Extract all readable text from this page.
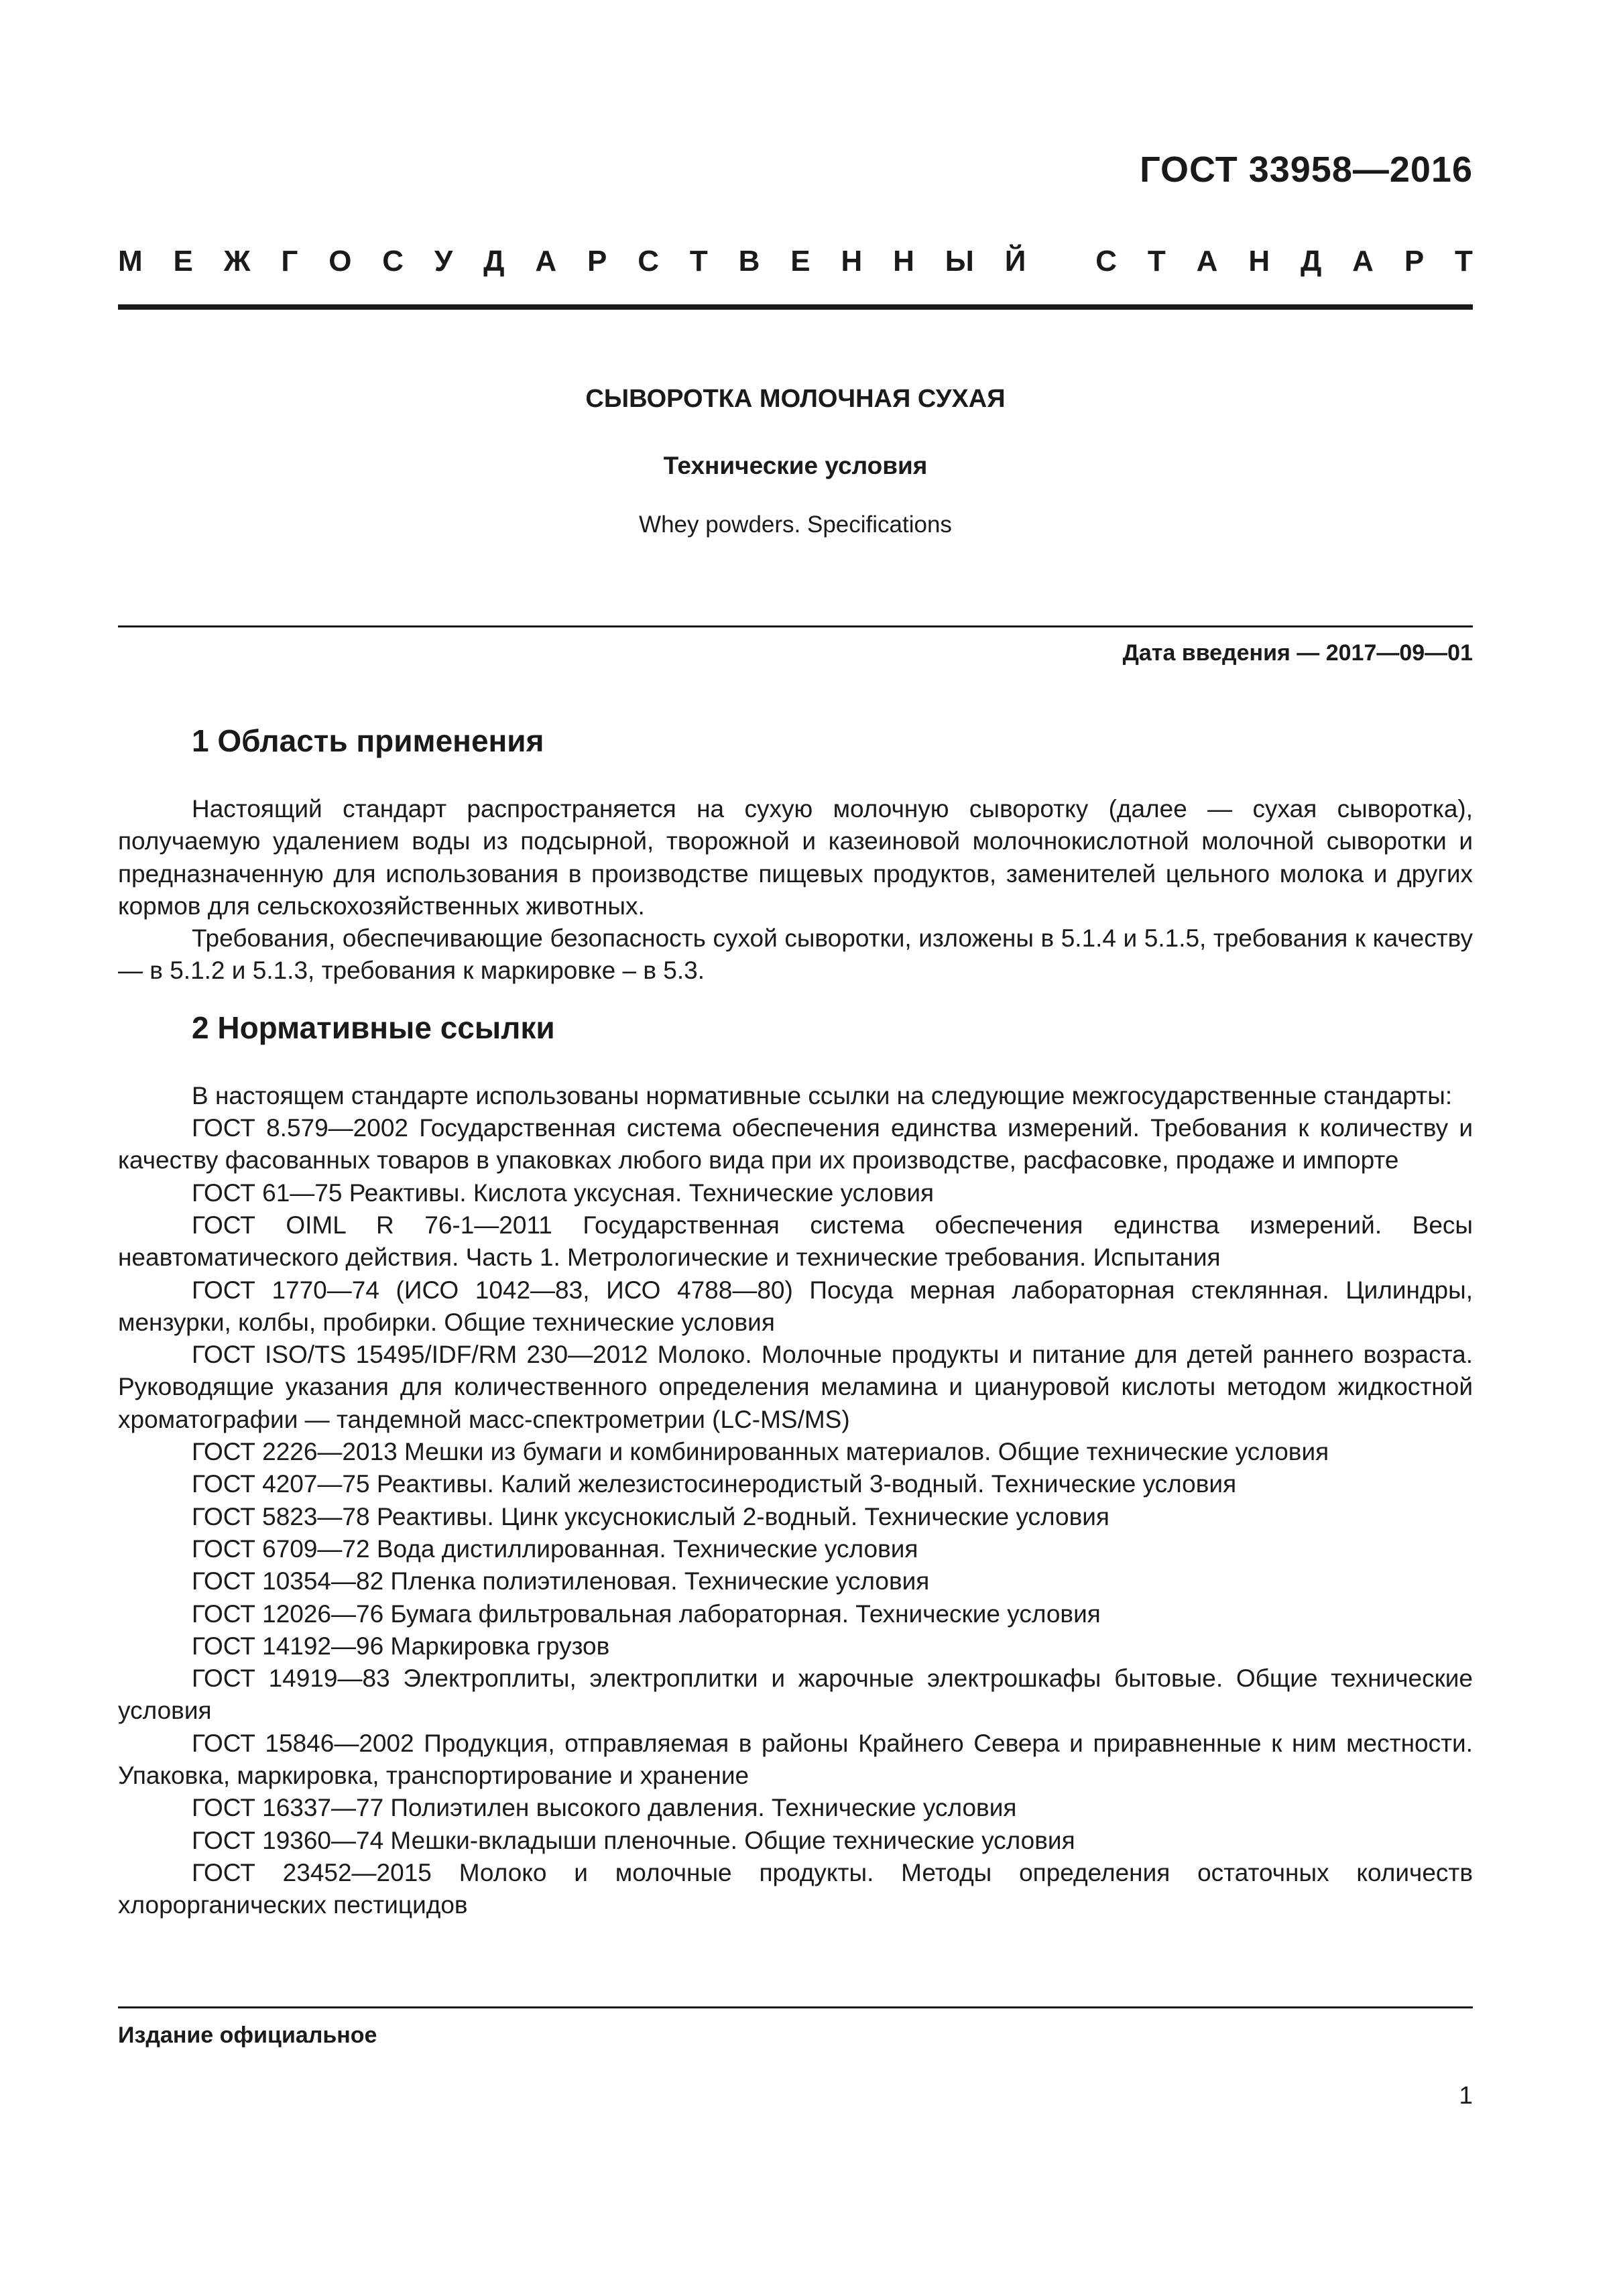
ГОСТ 33958—2016
М Е Ж Г О С У Д А Р С Т В Е Н Н Ы Й
С Т А Н Д А Р Т
СЫВОРОТКА МОЛОЧНАЯ СУХАЯ
Технические условия
Whey powders. Specifications
Дата введения — 2017—09—01
1 Область применения

Настоящий стандарт распространяется на сухую молочную сыворотку (далее — сухая сыворотка), получаемую удалением воды из подсырной, творожной и казеиновой молочнокислотной молочной сыворотки и предназначенную для использования в производстве пищевых продуктов, заменителей цельного молока и других кормов для сельскохозяйственных животных.

Требования, обеспечивающие безопасность сухой сыворотки, изложены в 5.1.4 и 5.1.5, требования к качеству — в 5.1.2 и 5.1.3, требования к маркировке – в 5.3.

2 Нормативные ссылки

В настоящем стандарте использованы нормативные ссылки на следующие межгосударственные стандарты:

ГОСТ 8.579—2002 Государственная система обеспечения единства измерений. Требования к количеству и качеству фасованных товаров в упаковках любого вида при их производстве, расфасовке, продаже и импорте

ГОСТ 61—75 Реактивы. Кислота уксусная. Технические условия

ГОСТ OIML R 76-1—2011 Государственная система обеспечения единства измерений. Весы неавтоматического действия. Часть 1. Метрологические и технические требования. Испытания

ГОСТ 1770—74 (ИСО 1042—83, ИСО 4788—80) Посуда мерная лабораторная стеклянная. Цилиндры, мензурки, колбы, пробирки. Общие технические условия

ГОСТ ISO/TS 15495/IDF/RM 230—2012 Молоко. Молочные продукты и питание для детей раннего возраста. Руководящие указания для количественного определения меламина и циануровой кислоты методом жидкостной хроматографии — тандемной масс-спектрометрии (LC-MS/MS)

ГОСТ 2226—2013 Мешки из бумаги и комбинированных материалов. Общие технические условия

ГОСТ 4207—75 Реактивы. Калий железистосинеродистый 3-водный. Технические условия

ГОСТ 5823—78 Реактивы. Цинк уксуснокислый 2-водный. Технические условия

ГОСТ 6709—72 Вода дистиллированная. Технические условия

ГОСТ 10354—82 Пленка полиэтиленовая. Технические условия

ГОСТ 12026—76 Бумага фильтровальная лабораторная. Технические условия

ГОСТ 14192—96 Маркировка грузов

ГОСТ 14919—83 Электроплиты, электроплитки и жарочные электрошкафы бытовые. Общие технические условия

ГОСТ 15846—2002 Продукция, отправляемая в районы Крайнего Севера и приравненные к ним местности. Упаковка, маркировка, транспортирование и хранение

ГОСТ 16337—77 Полиэтилен высокого давления. Технические условия

ГОСТ 19360—74 Мешки-вкладыши пленочные. Общие технические условия

ГОСТ 23452—2015 Молоко и молочные продукты. Методы определения остаточных количеств хлорорганических пестицидов

Издание официальное
1
